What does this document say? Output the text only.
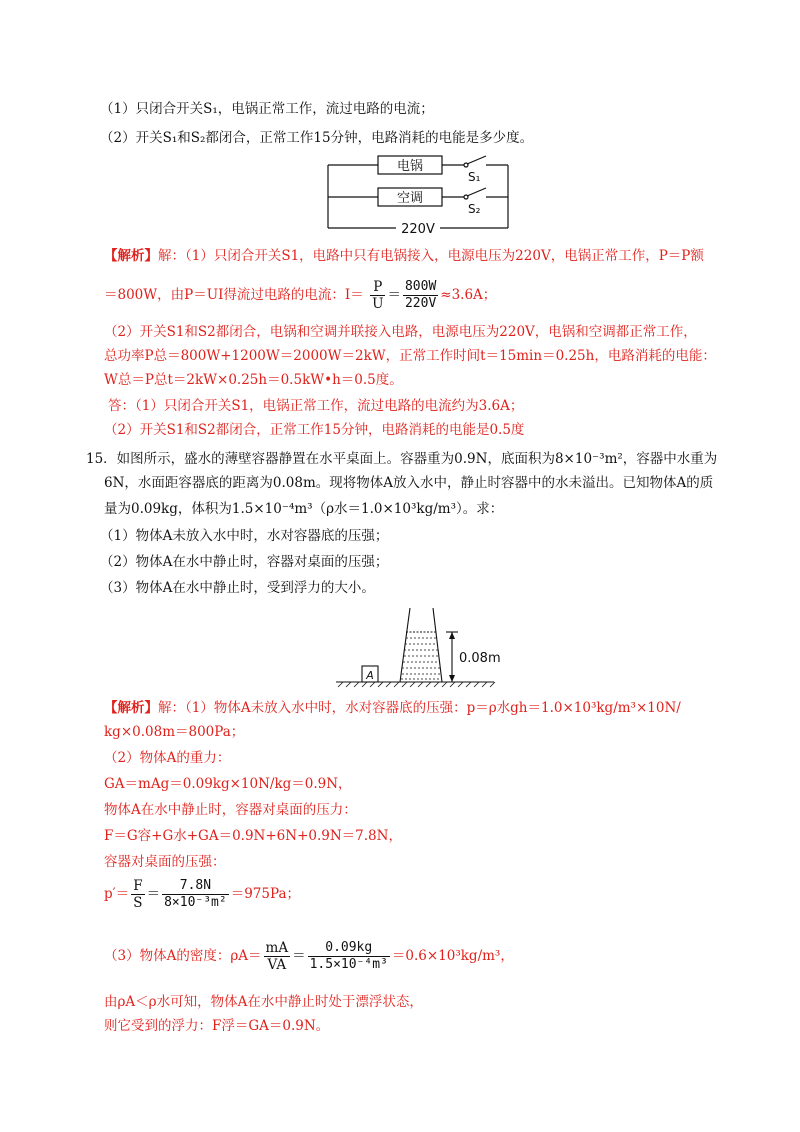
（1）只闭合开关S₁，电锅正常工作，流过电路的电流；
（2）开关S₁和S₂都闭合，正常工作15分钟，电路消耗的电能是多少度。
电锅
空调
S₁
S₂
220V
【解析】解：（1）只闭合开关S1，电路中只有电锅接入，电源电压为220V，电锅正常工作，P＝P额
＝800W，由P＝UI得流过电路的电流：$I= \frac{P}{U} = \frac{800W}{220V} \approx 3.6A$；
（2）开关S1和S2都闭合，电锅和空调并联接入电路，电源电压为220V，电锅和空调都正常工作，
总功率P总＝800W+1200W＝2000W＝2kW，正常工作时间t＝15min＝0.25h，电路消耗的电能：
W总＝P总t＝2kW×0.25h＝0.5kW•h＝0.5度。
答：（1）只闭合开关S1，电锅正常工作，流过电路的电流约为3.6A；
（2）开关S1和S2都闭合，正常工作15分钟，电路消耗的电能是0.5度
15．如图所示，盛水的薄壁容器静置在水平桌面上。容器重为0.9N，底面积为8×10⁻³m²，容器中水重为
6N，水面距容器底的距离为0.08m。现将物体A放入水中，静止时容器中的水未溢出。已知物体A的质
量为0.09kg，体积为1.5×10⁻⁴m³（ρ水＝1.0×10³kg/m³）。求：
（1）物体A未放入水中时，水对容器底的压强；
（2）物体A在水中静止时，容器对桌面的压强；
（3）物体A在水中静止时，受到浮力的大小。
A
0.08m
【解析】解：（1）物体A未放入水中时，水对容器底的压强：p＝ρ水gh＝1.0×10³kg/m³×10N/
kg×0.08m＝800Pa；
（2）物体A的重力：
GA＝mAg＝0.09kg×10N/kg＝0.9N，
物体A在水中静止时，容器对桌面的压力：
F＝G容+G水+GA＝0.9N+6N+0.9N＝7.8N，
容器对桌面的压强：
$p'= \frac{F}{S} = \frac{7.8N}{\text{8×10⁻³m²}} =975Pa$；
（3）物体A的密度：$\rho A= \frac{mA}{VA} = \frac{0.09kg}{\text{1.5×10⁻⁴m³}} =0.6\times 10^3kg/m^3$，
由ρA＜ρ水可知，物体A在水中静止时处于漂浮状态，
则它受到的浮力：F浮＝GA＝0.9N。
